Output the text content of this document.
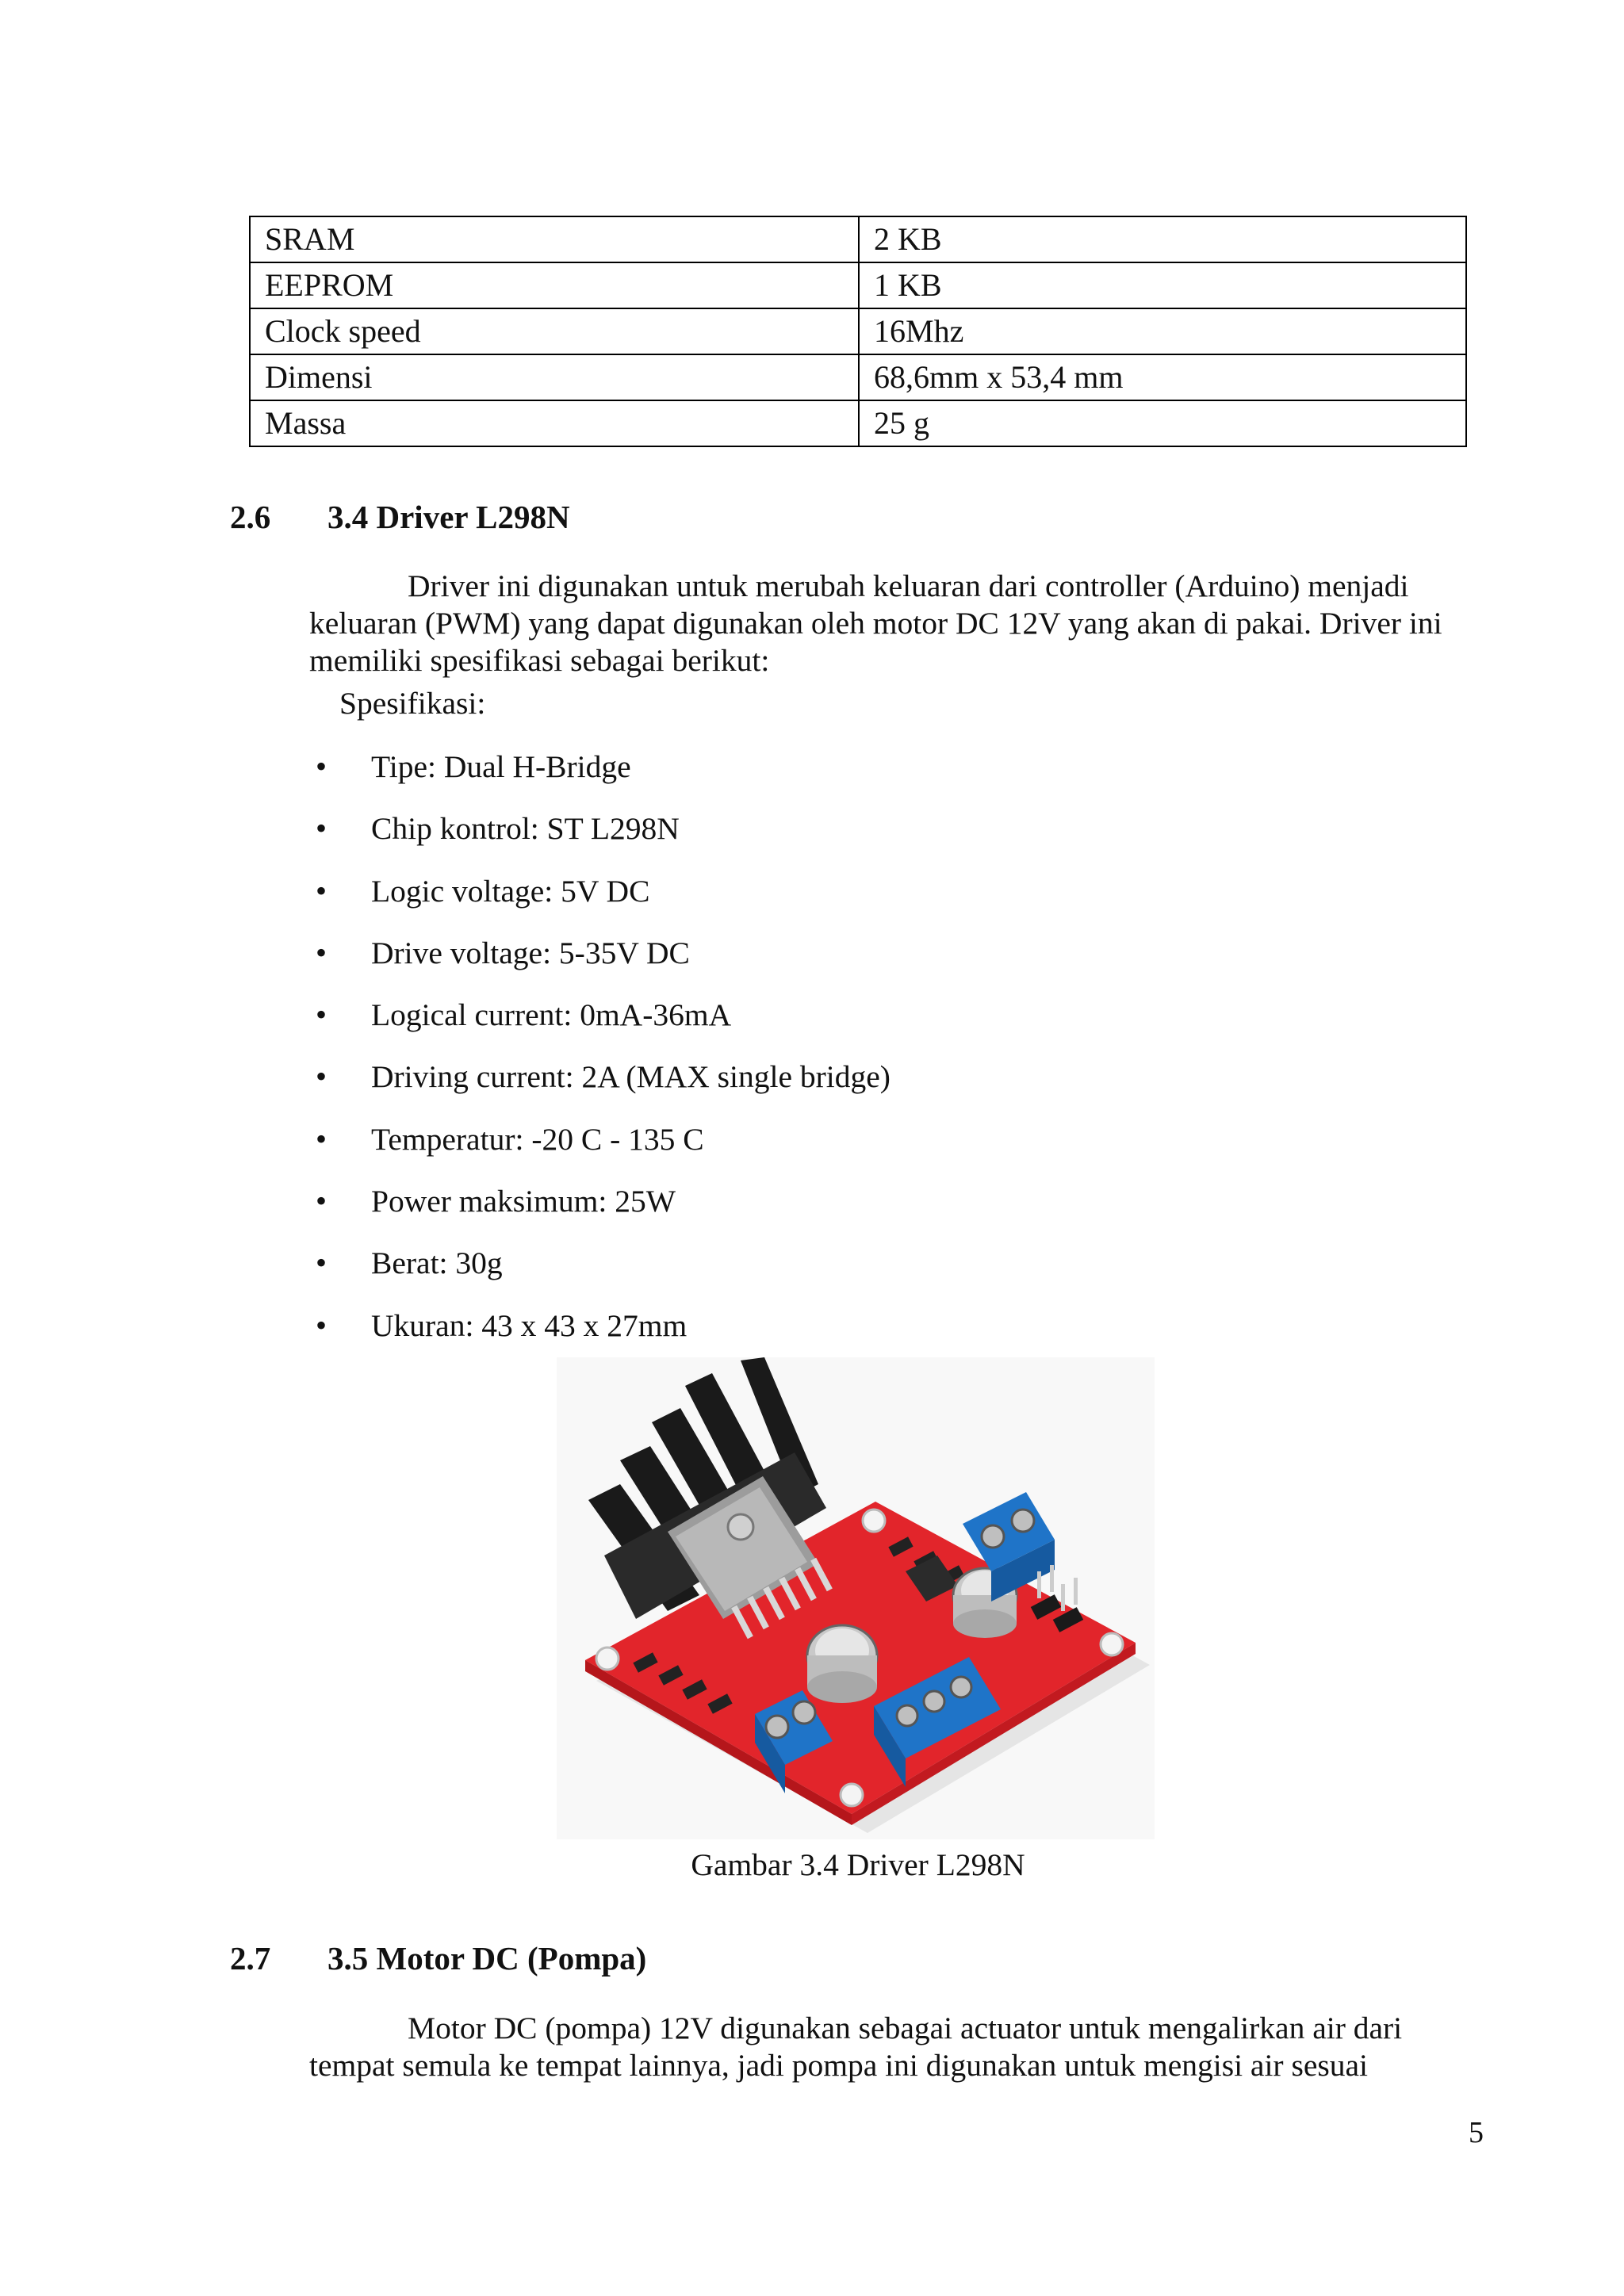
SRAM	2 KB
EEPROM	1 KB
Clock speed	16Mhz
Dimensi	68,6mm x 53,4 mm
Massa	25 g
2.6 3.4 Driver L298N
Driver ini digunakan untuk merubah keluaran dari controller (Arduino) menjadi keluaran (PWM) yang dapat digunakan oleh motor DC 12V yang akan di pakai. Driver ini memiliki spesifikasi sebagai berikut:
Spesifikasi:
• Tipe: Dual H-Bridge
• Chip kontrol: ST L298N
• Logic voltage: 5V DC
• Drive voltage: 5-35V DC
• Logical current: 0mA-36mA
• Driving current: 2A (MAX single bridge)
• Temperatur: -20 C - 135 C
• Power maksimum: 25W
• Berat: 30g
• Ukuran: 43 x 43 x 27mm
Gambar 3.4 Driver L298N
2.7 3.5 Motor DC (Pompa)
Motor DC (pompa) 12V digunakan sebagai actuator untuk mengalirkan air dari tempat semula ke tempat lainnya, jadi pompa ini digunakan untuk mengisi air sesuai
5
